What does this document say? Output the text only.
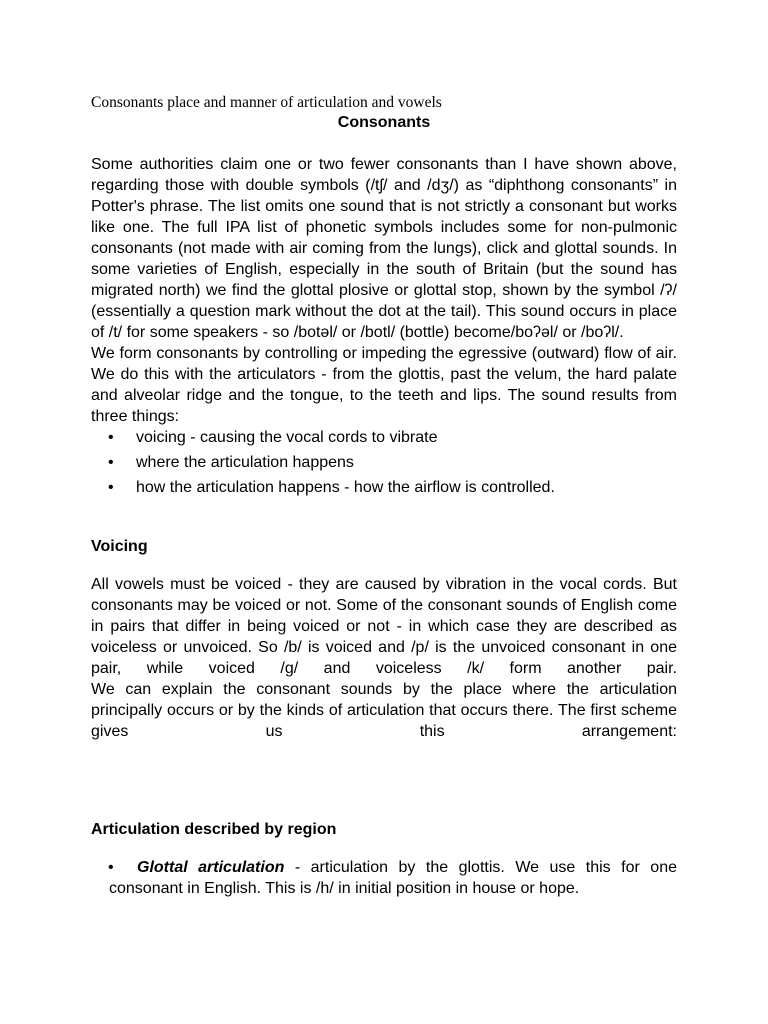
Consonants place and manner of articulation and vowels
Consonants

Some authorities claim one or two fewer consonants than I have shown above, regarding those with double symbols (/tʃ/ and /dʒ/) as “diphthong consonants” in Potter's phrase. The list omits one sound that is not strictly a consonant but works like one. The full IPA list of phonetic symbols includes some for non-pulmonic consonants (not made with air coming from the lungs), click and glottal sounds. In some varieties of English, especially in the south of Britain (but the sound has migrated north) we find the glottal plosive or glottal stop, shown by the symbol /ʔ/ (essentially a question mark without the dot at the tail). This sound occurs in place of /t/ for some speakers - so /botəl/ or /botl/ (bottle) become/boʔəl/ or /boʔl/.

We form consonants by controlling or impeding the egressive (outward) flow of air. We do this with the articulators - from the glottis, past the velum, the hard palate and alveolar ridge and the tongue, to the teeth and lips. The sound results from three things:

• voicing - causing the vocal cords to vibrate
• where the articulation happens
• how the articulation happens - how the airflow is controlled.

Voicing

All vowels must be voiced - they are caused by vibration in the vocal cords. But consonants may be voiced or not. Some of the consonant sounds of English come in pairs that differ in being voiced or not - in which case they are described as voiceless or unvoiced. So /b/ is voiced and /p/ is the unvoiced consonant in one pair, while voiced /g/ and voiceless /k/ form another pair.

We can explain the consonant sounds by the place where the articulation principally occurs or by the kinds of articulation that occurs there. The first scheme gives us this arrangement:

Articulation described by region

•	Glottal articulation - articulation by the glottis. We use this for one consonant in English. This is /h/ in initial position in house or hope.
